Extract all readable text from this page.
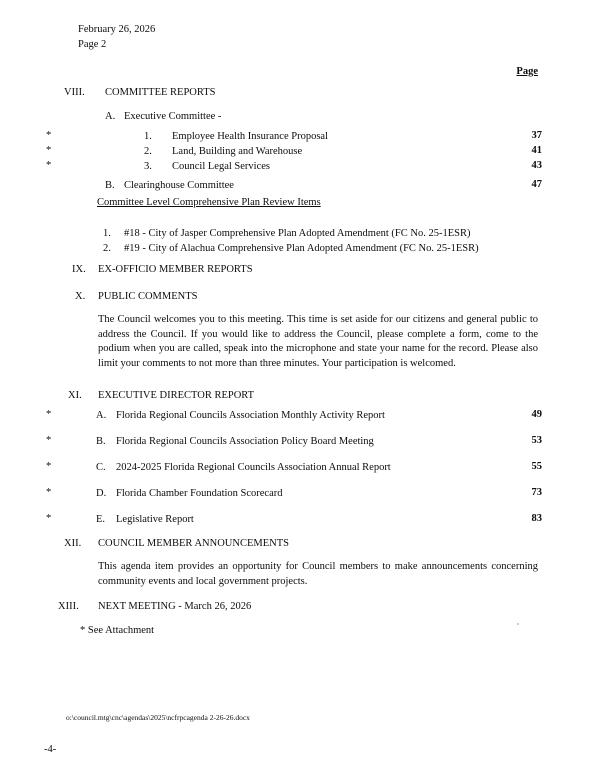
February 26, 2026
Page 2
Page
VIII. COMMITTEE REPORTS
A. Executive Committee -
*	1. Employee Health Insurance Proposal	37
*	2. Land, Building and Warehouse	41
*	3. Council Legal Services	43
B. Clearinghouse Committee	47
Committee Level Comprehensive Plan Review Items
1. #18 - City of Jasper Comprehensive Plan Adopted Amendment (FC No. 25-1ESR)
2. #19 - City of Alachua Comprehensive Plan Adopted Amendment (FC No. 25-1ESR)
IX. EX-OFFICIO MEMBER REPORTS
X. PUBLIC COMMENTS
The Council welcomes you to this meeting. This time is set aside for our citizens and general public to address the Council. If you would like to address the Council, please complete a form, come to the podium when you are called, speak into the microphone and state your name for the record. Please also limit your comments to not more than three minutes. Your participation is welcomed.
XI. EXECUTIVE DIRECTOR REPORT
*	A. Florida Regional Councils Association Monthly Activity Report	49
*	B. Florida Regional Councils Association Policy Board Meeting	53
*	C. 2024-2025 Florida Regional Councils Association Annual Report	55
*	D. Florida Chamber Foundation Scorecard	73
*	E. Legislative Report	83
XII. COUNCIL MEMBER ANNOUNCEMENTS
This agenda item provides an opportunity for Council members to make announcements concerning community events and local government projects.
XIII. NEXT MEETING - March 26, 2026
* See Attachment
o:\council.mtg\cnc\agendas\2025\ncfrpcagenda 2-26-26.docx
-4-
